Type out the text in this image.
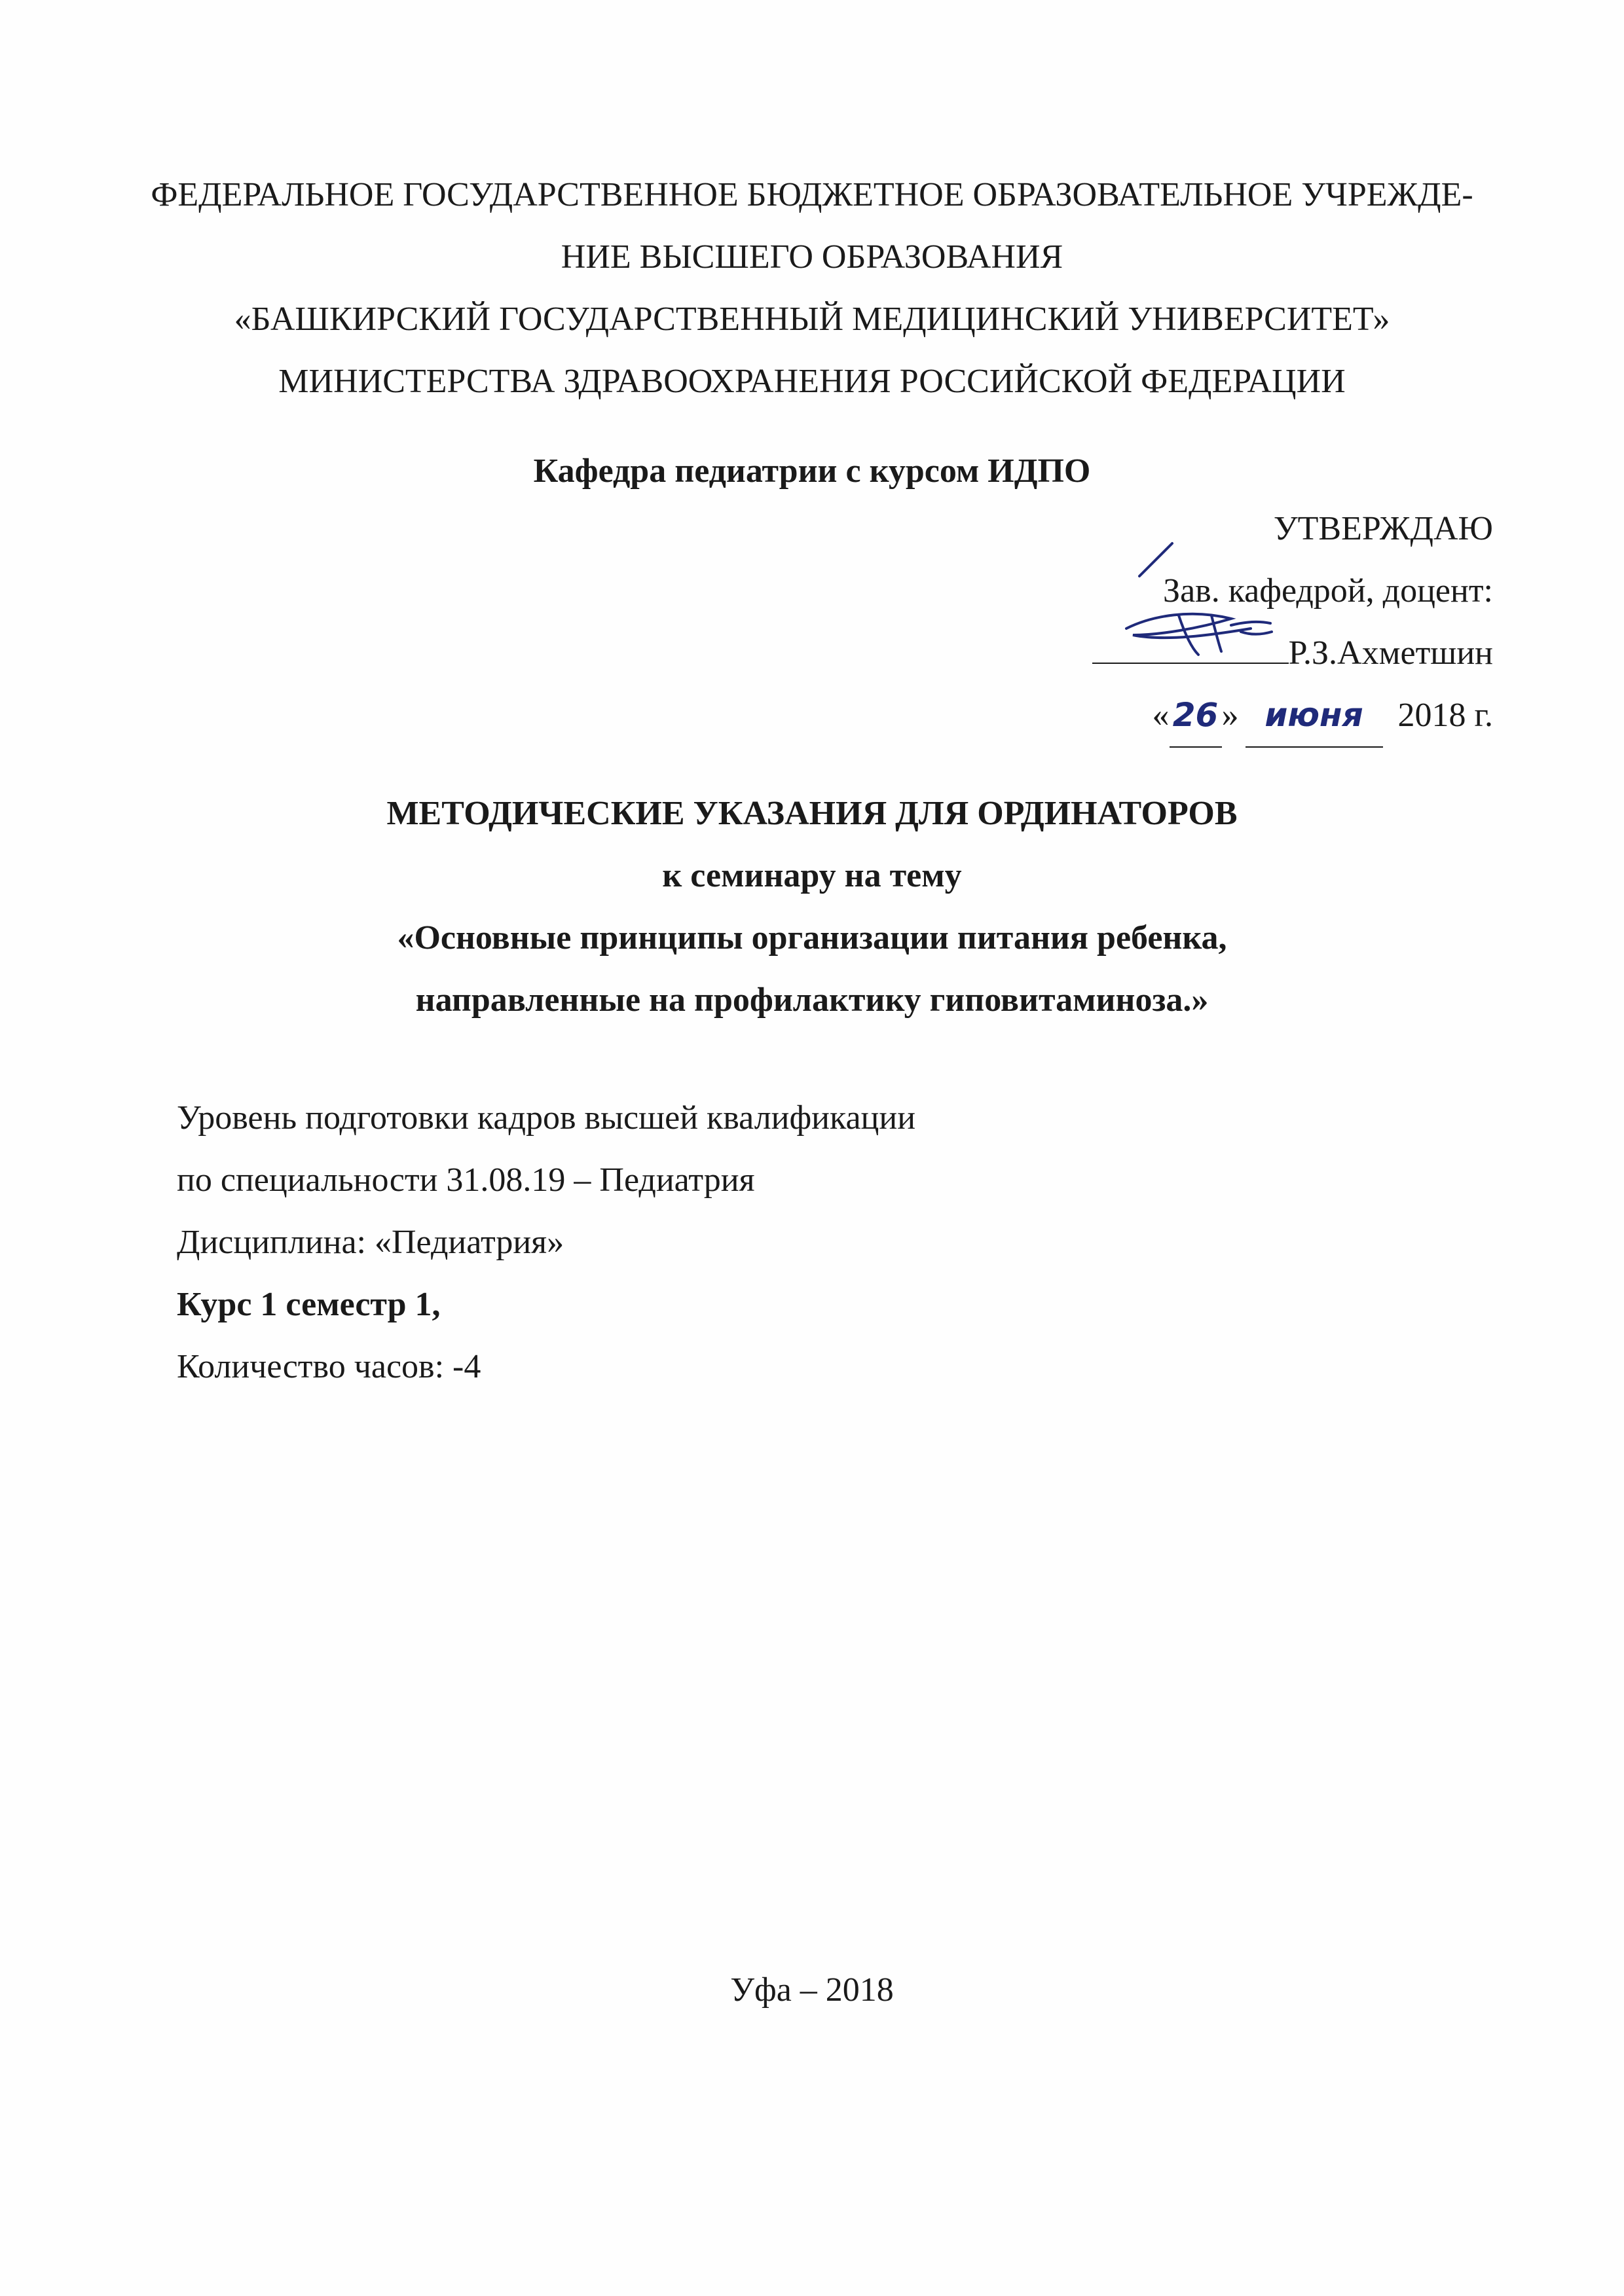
ФЕДЕРАЛЬНОЕ ГОСУДАРСТВЕННОЕ БЮДЖЕТНОЕ ОБРАЗОВАТЕЛЬНОЕ УЧРЕЖДЕ-
НИЕ ВЫСШЕГО ОБРАЗОВАНИЯ
«БАШКИРСКИЙ ГОСУДАРСТВЕННЫЙ МЕДИЦИНСКИЙ УНИВЕРСИТЕТ»
МИНИСТЕРСТВА ЗДРАВООХРАНЕНИЯ РОССИЙСКОЙ ФЕДЕРАЦИИ
Кафедра педиатрии с курсом ИДПО
УТВЕРЖДАЮ
Зав. кафедрой, доцент:
Р.З.Ахметшин
« 26 » июня 2018 г.
МЕТОДИЧЕСКИЕ УКАЗАНИЯ ДЛЯ ОРДИНАТОРОВ
к семинару на тему
«Основные принципы организации питания ребенка,
направленные на профилактику гиповитаминоза.»
Уровень подготовки кадров высшей квалификации
по специальности 31.08.19 – Педиатрия
Дисциплина: «Педиатрия»
Курс 1 семестр 1,
Количество часов: -4
Уфа – 2018
